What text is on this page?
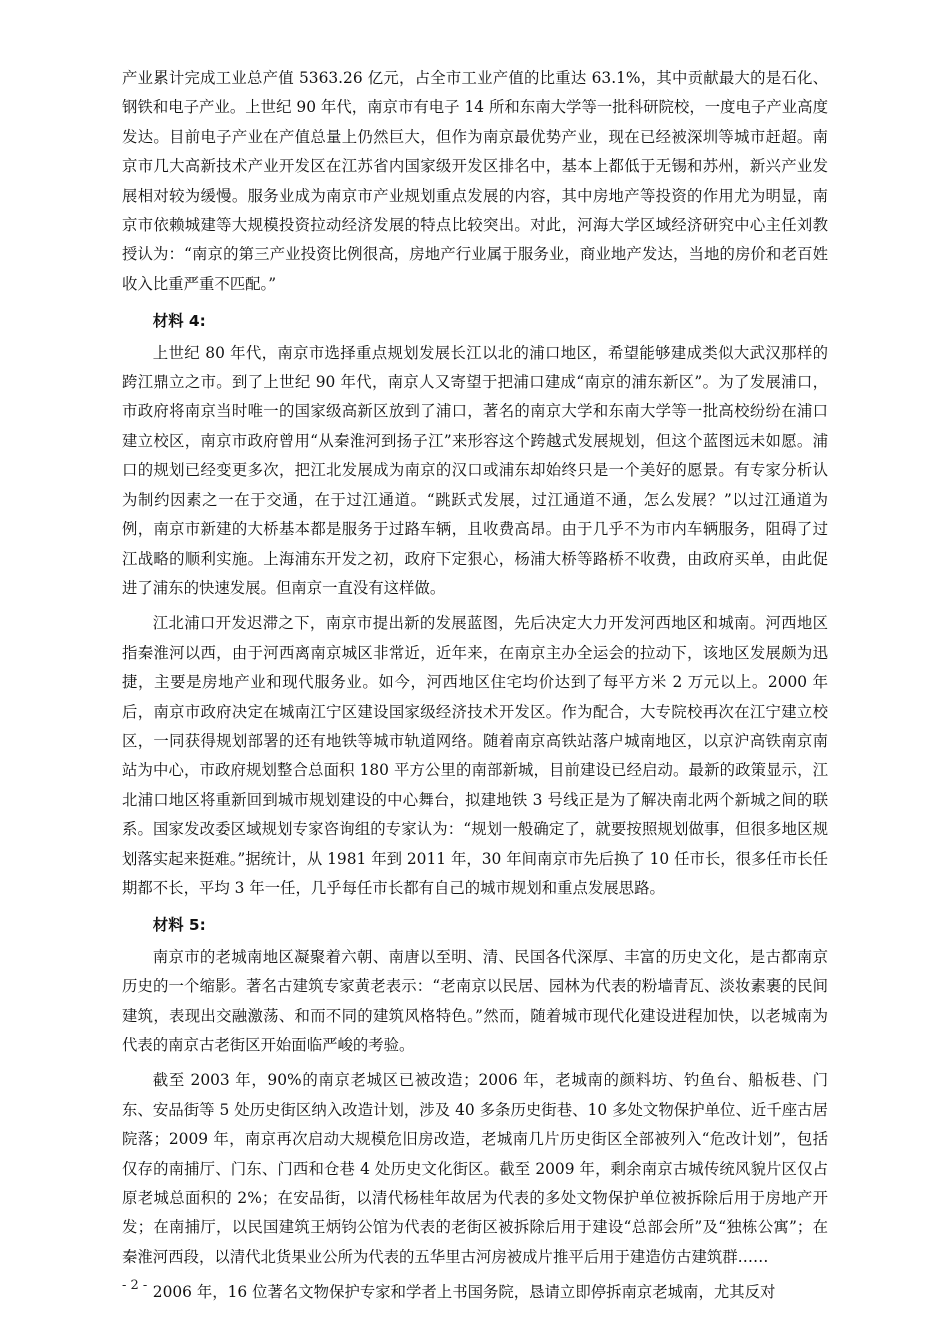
产业累计完成工业总产值 5363.26 亿元，占全市工业产值的比重达 63.1%，其中贡献最大的是石化、钢铁和电子产业。上世纪 90 年代，南京市有电子 14 所和东南大学等一批科研院校，一度电子产业高度发达。目前电子产业在产值总量上仍然巨大，但作为南京最优势产业，现在已经被深圳等城市赶超。南京市几大高新技术产业开发区在江苏省内国家级开发区排名中，基本上都低于无锡和苏州，新兴产业发展相对较为缓慢。服务业成为南京市产业规划重点发展的内容，其中房地产等投资的作用尤为明显，南京市依赖城建等大规模投资拉动经济发展的特点比较突出。对此，河海大学区域经济研究中心主任刘教授认为：“南京的第三产业投资比例很高，房地产行业属于服务业，商业地产发达，当地的房价和老百姓收入比重严重不匹配。”

材料 4:

上世纪 80 年代，南京市选择重点规划发展长江以北的浦口地区，希望能够建成类似大武汉那样的跨江鼎立之市。到了上世纪 90 年代，南京人又寄望于把浦口建成“南京的浦东新区”。为了发展浦口，市政府将南京当时唯一的国家级高新区放到了浦口，著名的南京大学和东南大学等一批高校纷纷在浦口建立校区，南京市政府曾用“从秦淮河到扬子江”来形容这个跨越式发展规划，但这个蓝图远未如愿。浦口的规划已经变更多次，把江北发展成为南京的汉口或浦东却始终只是一个美好的愿景。有专家分析认为制约因素之一在于交通，在于过江通道。“跳跃式发展，过江通道不通，怎么发展？”以过江通道为例，南京市新建的大桥基本都是服务于过路车辆，且收费高昂。由于几乎不为市内车辆服务，阻碍了过江战略的顺利实施。上海浦东开发之初，政府下定狠心，杨浦大桥等路桥不收费，由政府买单，由此促进了浦东的快速发展。但南京一直没有这样做。

江北浦口开发迟滞之下，南京市提出新的发展蓝图，先后决定大力开发河西地区和城南。河西地区指秦淮河以西，由于河西离南京城区非常近，近年来，在南京主办全运会的拉动下，该地区发展颇为迅捷，主要是房地产业和现代服务业。如今，河西地区住宅均价达到了每平方米 2 万元以上。2000 年后，南京市政府决定在城南江宁区建设国家级经济技术开发区。作为配合，大专院校再次在江宁建立校区，一同获得规划部署的还有地铁等城市轨道网络。随着南京高铁站落户城南地区，以京沪高铁南京南站为中心，市政府规划整合总面积 180 平方公里的南部新城，目前建设已经启动。最新的政策显示，江北浦口地区将重新回到城市规划建设的中心舞台，拟建地铁 3 号线正是为了解决南北两个新城之间的联系。国家发改委区域规划专家咨询组的专家认为：“规划一般确定了，就要按照规划做事，但很多地区规划落实起来挺难。”据统计，从 1981 年到 2011 年，30 年间南京市先后换了 10 任市长，很多任市长任期都不长，平均 3 年一任，几乎每任市长都有自己的城市规划和重点发展思路。

材料 5:

南京市的老城南地区凝聚着六朝、南唐以至明、清、民国各代深厚、丰富的历史文化，是古都南京历史的一个缩影。著名古建筑专家黄老表示：“老南京以民居、园林为代表的粉墙青瓦、淡妆素裹的民间建筑，表现出交融激荡、和而不同的建筑风格特色。”然而，随着城市现代化建设进程加快，以老城南为代表的南京古老街区开始面临严峻的考验。

截至 2003 年，90%的南京老城区已被改造；2006 年，老城南的颜料坊、钓鱼台、船板巷、门东、安品街等 5 处历史街区纳入改造计划，涉及 40 多条历史街巷、10 多处文物保护单位、近千座古居院落；2009 年，南京再次启动大规模危旧房改造，老城南几片历史街区全部被列入“危改计划”，包括仅存的南捕厅、门东、门西和仓巷 4 处历史文化街区。截至 2009 年，剩余南京古城传统风貌片区仅占原老城总面积的 2%；在安品街，以清代杨桂年故居为代表的多处文物保护单位被拆除后用于房地产开发；在南捕厅，以民国建筑王炳钧公馆为代表的老街区被拆除后用于建设“总部会所”及“独栋公寓”；在秦淮河西段，以清代北货果业公所为代表的五华里古河房被成片推平后用于建造仿古建筑群……

2006 年，16 位著名文物保护专家和学者上书国务院，恳请立即停拆南京老城南，尤其反对

- 2 -
